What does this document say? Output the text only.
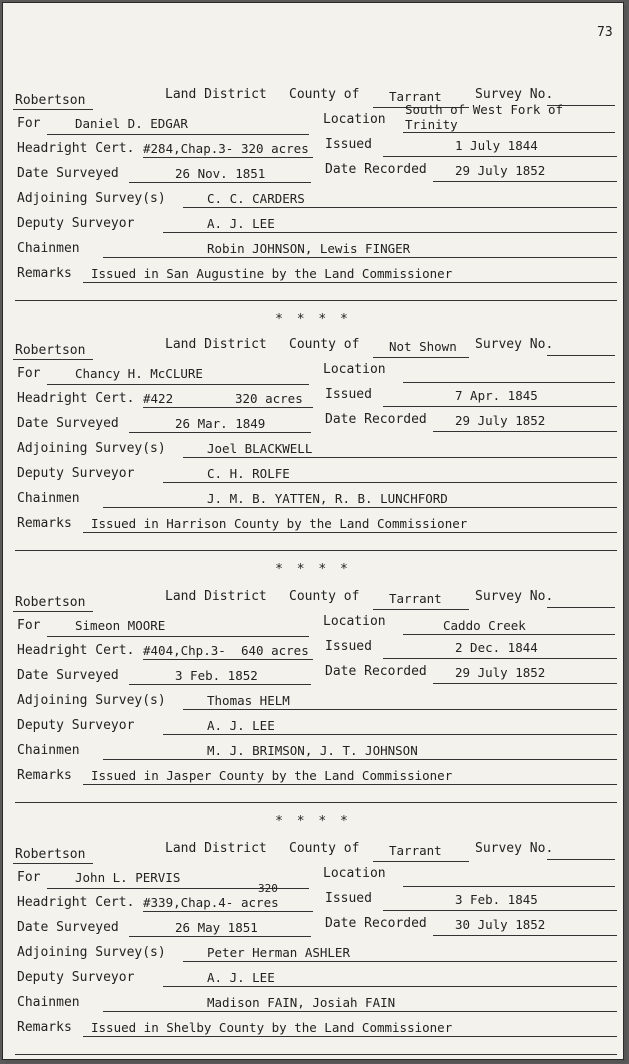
73
Robertson	Land District County of Tarrant	Survey No.
For	Daniel D. EDGAR	Location
South of West Fork of
Trinity
Headright Cert. #284,Chap.3- 320 acres Issued	1 July 1844
Date Surveyed	26 Nov. 1851	Date Recorded 29 July 1852
Adjoining Survey(s)	C. C. CARDERS
Deputy Surveyor	A. J. LEE
Chainmen	Robin JOHNSON, Lewis FINGER
Remarks Issued in San Augustine by the Land Commissioner
* * * *
Robertson	Land District County of Not Shown Survey No.
For	Chancy H. McCLURE	Location
Headright Cert. #422	320 acres Issued	7 Apr. 1845
Date Surveyed	26 Mar. 1849	Date Recorded 29 July 1852
Adjoining Survey(s)	Joel BLACKWELL
Deputy Surveyor	C. H. ROLFE
Chainmen	J. M. B. YATTEN, R. B. LUNCHFORD
Remarks Issued in Harrison County by the Land Commissioner
* * * *
Robertson	Land District County of Tarrant	Survey No.
For	Simeon MOORE	Location	Caddo Creek
Headright Cert. #404,Chp.3- 640 acres Issued	2 Dec. 1844
Date Surveyed	3 Feb. 1852	Date Recorded 29 July 1852
Adjoining Survey(s)	Thomas HELM
Deputy Surveyor	A. J. LEE
Chainmen	M. J. BRIMSON, J. T. JOHNSON
Remarks Issued in Jasper County by the Land Commissioner
* * * *
Robertson	Land District County of Tarrant	Survey No.
For	John L. PERVIS	Location
Headright Cert. #339,Chap.4-
320
acres	Issued	3 Feb. 1845
Date Surveyed	26 May 1851	Date Recorded 30 July 1852
Adjoining Survey(s)	Peter Herman ASHLER
Deputy Surveyor	A. J. LEE
Chainmen	Madison FAIN, Josiah FAIN
Remarks Issued in Shelby County by the Land Commissioner
